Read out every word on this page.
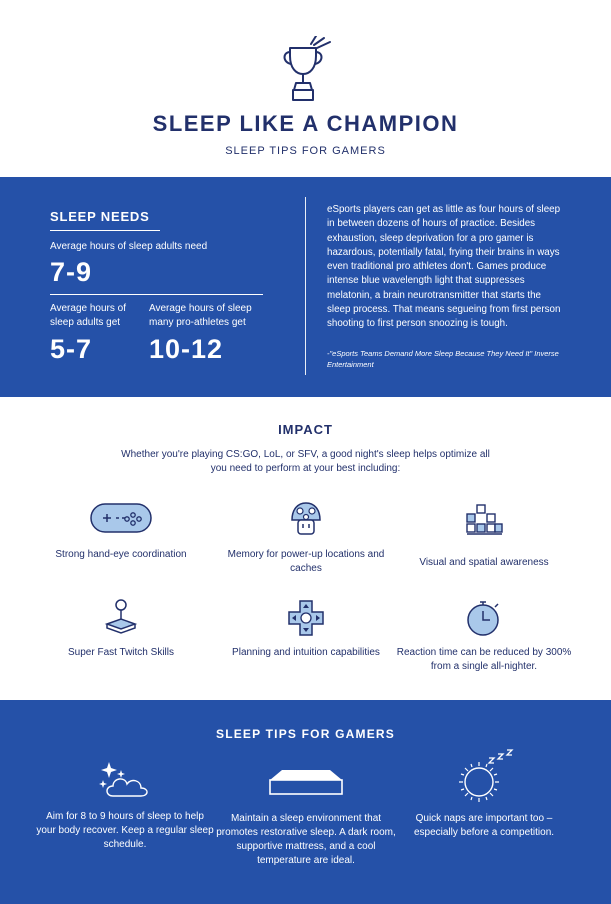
SLEEP LIKE A CHAMPION
SLEEP TIPS FOR GAMERS
SLEEP NEEDS
Average hours of sleep adults need
7-9
Average hours of sleep adults get
5-7
Average hours of sleep many pro-athletes get
10-12
eSports players can get as little as four hours of sleep in between dozens of hours of practice. Besides exhaustion, sleep deprivation for a pro gamer is hazardous, potentially fatal, frying their brains in ways even traditional pro athletes don't. Games produce intense blue wavelength light that suppresses melatonin, a brain neurotransmitter that starts the sleep process. That means segueing from first person shooting to first person snoozing is tough.
-"eSports Teams Demand More Sleep Because They Need It" Inverse Entertainment
IMPACT
Whether you're playing CS:GO, LoL, or SFV, a good night's sleep helps optimize all you need to perform at your best including:
Strong hand-eye coordination	Memory for power-up locations and caches
Visual and spatial awareness
Super Fast Twitch Skills	Planning and intuition capabilities	Reaction time can be reduced by 300% from a single all-nighter.
SLEEP TIPS FOR GAMERS
Aim for 8 to 9 hours of sleep to help your body recover. Keep a regular sleep schedule.
Maintain a sleep environment that promotes restorative sleep. A dark room, supportive mattress, and a cool temperature are ideal.
Quick naps are important too – especially before a competition.
